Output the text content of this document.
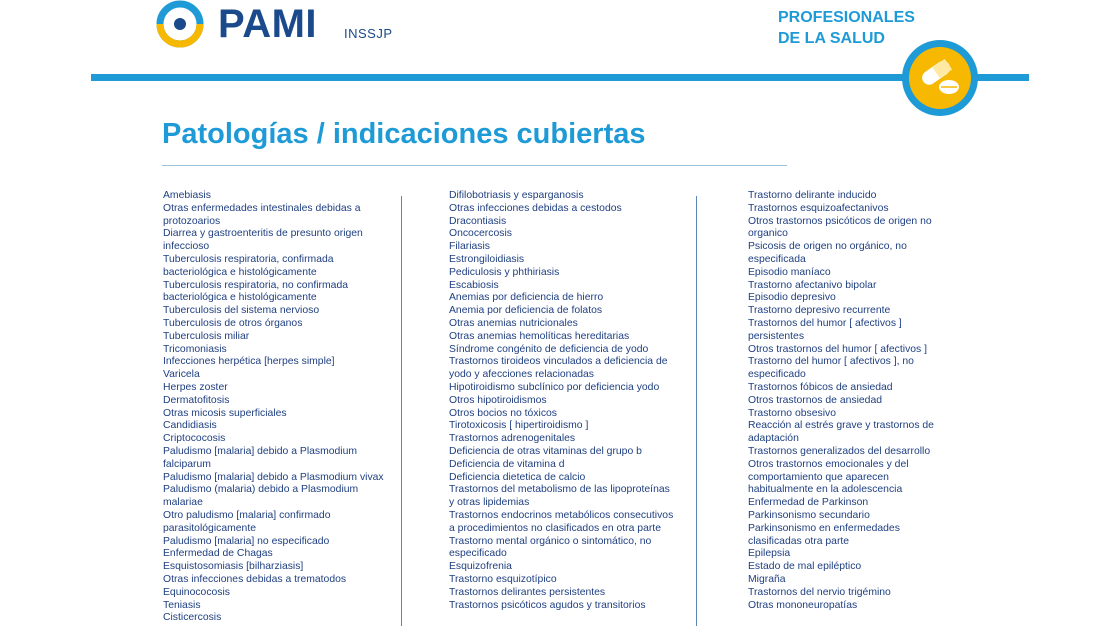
PAMI INSSJP
PROFESIONALES
DE LA SALUD
Patologías / indicaciones cubiertas
Amebiasis
Otras enfermedades intestinales debidas a protozoarios
Diarrea y gastroenteritis de presunto origen infeccioso
Tuberculosis respiratoria, confirmada bacteriológica e histológicamente
Tuberculosis respiratoria, no confirmada bacteriológica e histológicamente
Tuberculosis del sistema nervioso
Tuberculosis de otros órganos
Tuberculosis miliar
Tricomoniasis
Infecciones herpética [herpes simple]
Varicela
Herpes zoster
Dermatofitosis
Otras micosis superficiales
Candidiasis
Criptococosis
Paludismo [malaria] debido a Plasmodium falciparum
Paludismo [malaria] debido a Plasmodium vivax
Paludismo (malaria) debido a Plasmodium malariae
Otro paludismo [malaria] confirmado parasitológicamente
Paludismo [malaria] no especificado
Enfermedad de Chagas
Esquistosomiasis [bilharziasis]
Otras infecciones debidas a trematodos
Equinococosis
Teniasis
Cisticercosis
Difilobotriasis y esparganosis
Otras infecciones debidas a cestodos
Dracontiasis
Oncocercosis
Filariasis
Estrongiloidiasis
Pediculosis y phthiriasis
Escabiosis
Anemias por deficiencia de hierro
Anemia por deficiencia de folatos
Otras anemias nutricionales
Otras anemias hemolíticas hereditarias
Síndrome congénito de deficiencia de yodo
Trastornos tiroideos vinculados a deficiencia de yodo y afecciones relacionadas
Hipotiroidismo subclínico por deficiencia yodo
Otros hipotiroidismos
Otros bocios no tóxicos
Tirotoxicosis [ hipertiroidismo ]
Trastornos adrenogenitales
Deficiencia de otras vitaminas del grupo b
Deficiencia de vitamina d
Deficiencia dietetica de calcio
Trastornos del metabolismo de las lipoproteínas y otras lipidemias
Trastornos endocrinos metabólicos consecutivos a procedimientos no clasificados en otra parte
Trastorno mental orgánico o sintomático, no especificado
Esquizofrenia
Trastorno esquizotípico
Trastornos delirantes persistentes
Trastornos psicóticos agudos y transitorios
Trastorno delirante inducido
Trastornos esquizoafectanivos
Otros trastornos psicóticos de origen no organico
Psicosis de origen no orgánico, no especificada
Episodio maníaco
Trastorno afectanivo bipolar
Episodio depresivo
Trastorno depresivo recurrente
Trastornos del humor [ afectivos ] persistentes
Otros trastornos del humor [ afectivos ]
Trastorno del humor [ afectivos ], no especificado
Trastornos fóbicos de ansiedad
Otros trastornos de ansiedad
Trastorno obsesivo
Reacción al estrés grave y trastornos de adaptación
Trastornos generalizados del desarrollo
Otros trastornos emocionales y del comportamiento que aparecen habitualmente en la adolescencia
Enfermedad de Parkinson
Parkinsonismo secundario
Parkinsonismo en enfermedades clasificadas otra parte
Epilepsia
Estado de mal epiléptico
Migraña
Trastornos del nervio trigémino
Otras mononeuropatías
